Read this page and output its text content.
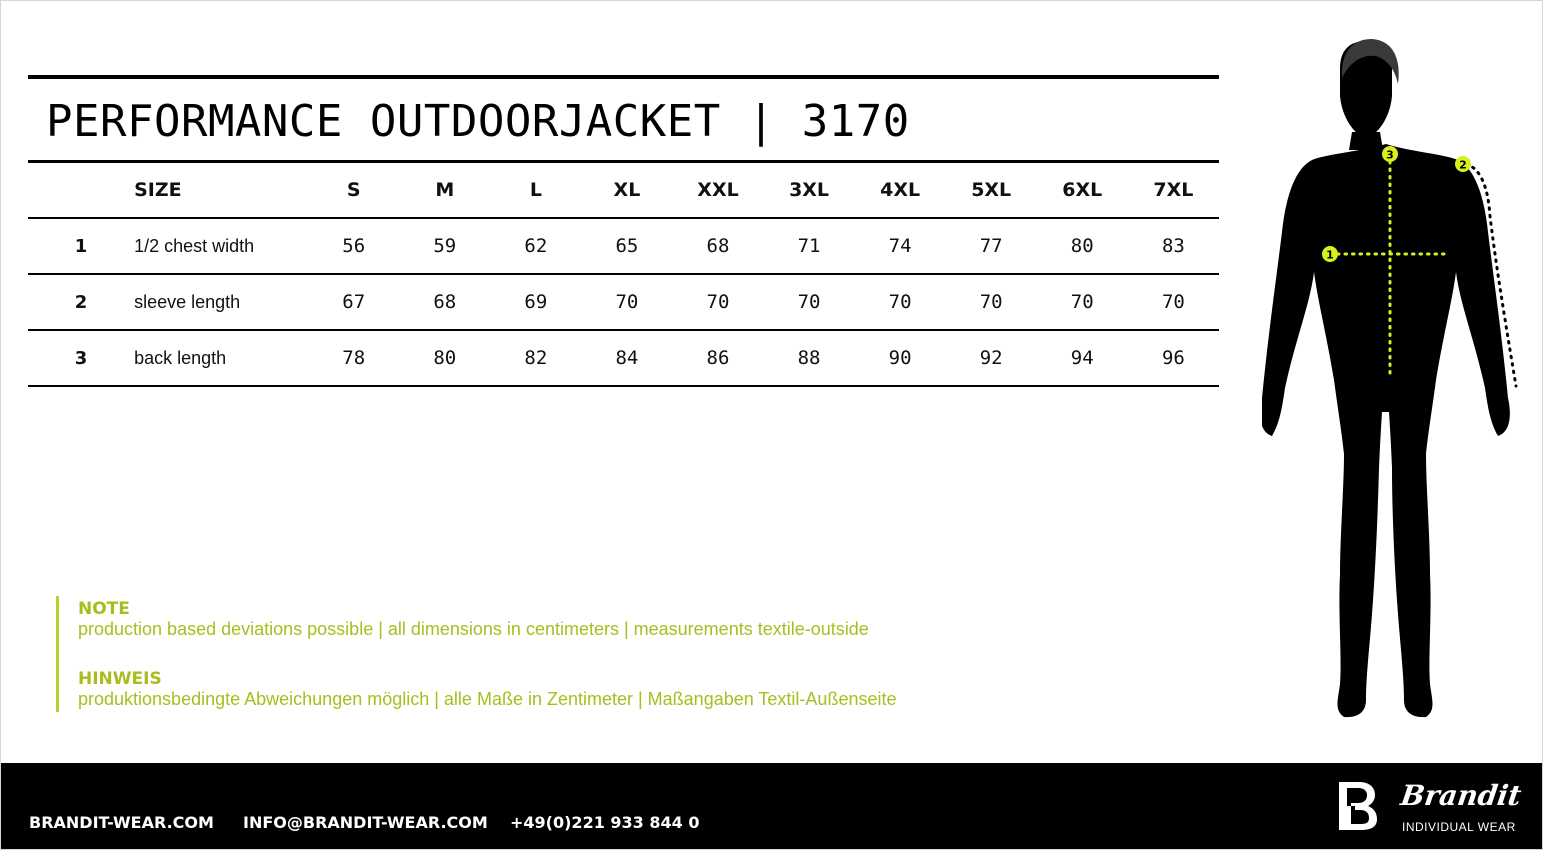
PERFORMANCE OUTDOORJACKET | 3170
	SIZE	S	M	L	XL	XXL	3XL	4XL	5XL	6XL	7XL
1	1/2 chest width	56	59	62	65	68	71	74	77	80	83
2	sleeve length	67	68	69	70	70	70	70	70	70	70
3	back length	78	80	82	84	86	88	90	92	94	96
NOTE
production based deviations possible | all dimensions in centimeters | measurements textile-outside
HINWEIS
produktionsbedingte Abweichungen möglich | alle Maße in Zentimeter | Maßangaben Textil-Außenseite
1
2
3
BRANDIT-WEAR.COM INFO@BRANDIT-WEAR.COM +49(0)221 933 844 0
Brandit
INDIVIDUAL WEAR
